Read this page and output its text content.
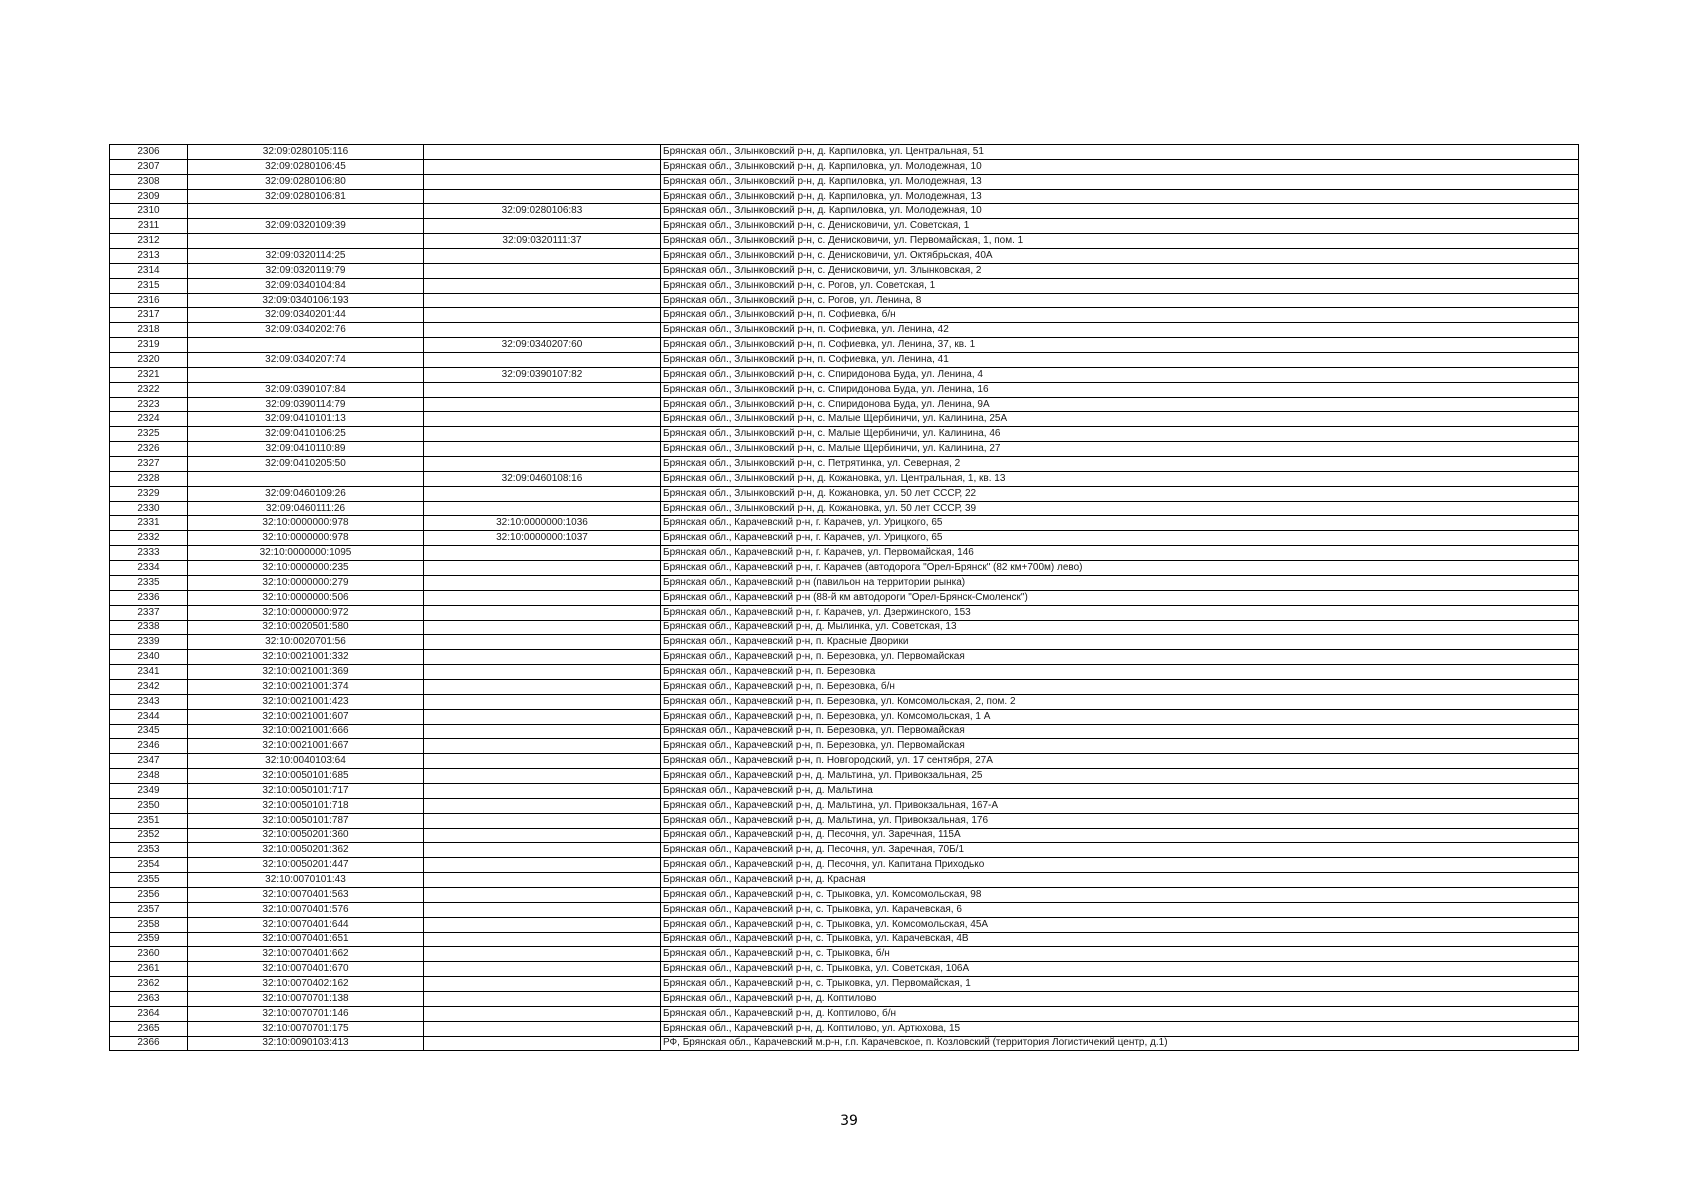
2306	32:09:0280105:116		Брянская обл., Злынковский р-н, д. Карпиловка, ул. Центральная, 51
2307	32:09:0280106:45		Брянская обл., Злынковский р-н, д. Карпиловка, ул. Молодежная, 10
2308	32:09:0280106:80		Брянская обл., Злынковский р-н, д. Карпиловка, ул. Молодежная, 13
2309	32:09:0280106:81		Брянская обл., Злынковский р-н, д. Карпиловка, ул. Молодежная, 13
2310		32:09:0280106:83	Брянская обл., Злынковский р-н, д. Карпиловка, ул. Молодежная, 10
2311	32:09:0320109:39		Брянская обл., Злынковский р-н, с. Денисковичи, ул. Советская, 1
2312		32:09:0320111:37	Брянская обл., Злынковский р-н, с. Денисковичи, ул. Первомайская, 1, пом. 1
2313	32:09:0320114:25		Брянская обл., Злынковский р-н, с. Денисковичи, ул. Октябрьская, 40А
2314	32:09:0320119:79		Брянская обл., Злынковский р-н, с. Денисковичи, ул. Злынковская, 2
2315	32:09:0340104:84		Брянская обл., Злынковский р-н, с. Рогов, ул. Советская, 1
2316	32:09:0340106:193		Брянская обл., Злынковский р-н, с. Рогов, ул. Ленина, 8
2317	32:09:0340201:44		Брянская обл., Злынковский р-н, п. Софиевка, б/н
2318	32:09:0340202:76		Брянская обл., Злынковский р-н, п. Софиевка, ул. Ленина, 42
2319		32:09:0340207:60	Брянская обл., Злынковский р-н, п. Софиевка, ул. Ленина, 37, кв. 1
2320	32:09:0340207:74		Брянская обл., Злынковский р-н, п. Софиевка, ул. Ленина, 41
2321		32:09:0390107:82	Брянская обл., Злынковский р-н, с. Спиридонова Буда, ул. Ленина, 4
2322	32:09:0390107:84		Брянская обл., Злынковский р-н, с. Спиридонова Буда, ул. Ленина, 16
2323	32:09:0390114:79		Брянская обл., Злынковский р-н, с. Спиридонова Буда, ул. Ленина, 9А
2324	32:09:0410101:13		Брянская обл., Злынковский р-н, с. Малые Щербиничи, ул. Калинина, 25А
2325	32:09:0410106:25		Брянская обл., Злынковский р-н, с. Малые Щербиничи, ул. Калинина, 46
2326	32:09:0410110:89		Брянская обл., Злынковский р-н, с. Малые Щербиничи, ул. Калинина, 27
2327	32:09:0410205:50		Брянская обл., Злынковский р-н, с. Петрятинка, ул. Северная, 2
2328		32:09:0460108:16	Брянская обл., Злынковский р-н, д. Кожановка, ул. Центральная, 1, кв. 13
2329	32:09:0460109:26		Брянская обл., Злынковский р-н, д. Кожановка, ул. 50 лет СССР, 22
2330	32:09:0460111:26		Брянская обл., Злынковский р-н, д. Кожановка, ул. 50 лет СССР, 39
2331	32:10:0000000:978	32:10:0000000:1036	Брянская обл., Карачевский р-н, г. Карачев, ул. Урицкого, 65
2332	32:10:0000000:978	32:10:0000000:1037	Брянская обл., Карачевский р-н, г. Карачев, ул. Урицкого, 65
2333	32:10:0000000:1095		Брянская обл., Карачевский р-н, г. Карачев, ул. Первомайская, 146
2334	32:10:0000000:235		Брянская обл., Карачевский р-н, г. Карачев (автодорога "Орел-Брянск" (82 км+700м) лево)
2335	32:10:0000000:279		Брянская обл., Карачевский р-н (павильон на территории рынка)
2336	32:10:0000000:506		Брянская обл., Карачевский р-н (88-й км автодороги "Орел-Брянск-Смоленск")
2337	32:10:0000000:972		Брянская обл., Карачевский р-н, г. Карачев, ул. Дзержинского, 153
2338	32:10:0020501:580		Брянская обл., Карачевский р-н, д. Мылинка, ул. Советская, 13
2339	32:10:0020701:56		Брянская обл., Карачевский р-н, п. Красные Дворики
2340	32:10:0021001:332		Брянская обл., Карачевский р-н, п. Березовка, ул. Первомайская
2341	32:10:0021001:369		Брянская обл., Карачевский р-н, п. Березовка
2342	32:10:0021001:374		Брянская обл., Карачевский р-н, п. Березовка, б/н
2343	32:10:0021001:423		Брянская обл., Карачевский р-н, п. Березовка, ул. Комсомольская, 2, пом. 2
2344	32:10:0021001:607		Брянская обл., Карачевский р-н, п. Березовка, ул. Комсомольская, 1 А
2345	32:10:0021001:666		Брянская обл., Карачевский р-н, п. Березовка, ул. Первомайская
2346	32:10:0021001:667		Брянская обл., Карачевский р-н, п. Березовка, ул. Первомайская
2347	32:10:0040103:64		Брянская обл., Карачевский р-н, п. Новгородский, ул. 17 сентября, 27А
2348	32:10:0050101:685		Брянская обл., Карачевский р-н, д. Мальтина, ул. Привокзальная, 25
2349	32:10:0050101:717		Брянская обл., Карачевский р-н, д. Мальтина
2350	32:10:0050101:718		Брянская обл., Карачевский р-н, д. Мальтина, ул. Привокзальная, 167-А
2351	32:10:0050101:787		Брянская обл., Карачевский р-н, д. Мальтина, ул. Привокзальная, 176
2352	32:10:0050201:360		Брянская обл., Карачевский р-н, д. Песочня, ул. Заречная, 115А
2353	32:10:0050201:362		Брянская обл., Карачевский р-н, д. Песочня, ул. Заречная, 70Б/1
2354	32:10:0050201:447		Брянская обл., Карачевский р-н, д. Песочня, ул. Капитана Приходько
2355	32:10:0070101:43		Брянская обл., Карачевский р-н, д. Красная
2356	32:10:0070401:563		Брянская обл., Карачевский р-н, с. Трыковка, ул. Комсомольская, 98
2357	32:10:0070401:576		Брянская обл., Карачевский р-н, с. Трыковка, ул. Карачевская, 6
2358	32:10:0070401:644		Брянская обл., Карачевский р-н, с. Трыковка, ул. Комсомольская, 45А
2359	32:10:0070401:651		Брянская обл., Карачевский р-н, с. Трыковка, ул. Карачевская, 4В
2360	32:10:0070401:662		Брянская обл., Карачевский р-н, с. Трыковка, б/н
2361	32:10:0070401:670		Брянская обл., Карачевский р-н, с. Трыковка, ул. Советская, 106А
2362	32:10:0070402:162		Брянская обл., Карачевский р-н, с. Трыковка, ул. Первомайская, 1
2363	32:10:0070701:138		Брянская обл., Карачевский р-н, д. Коптилово
2364	32:10:0070701:146		Брянская обл., Карачевский р-н, д. Коптилово, б/н
2365	32:10:0070701:175		Брянская обл., Карачевский р-н, д. Коптилово, ул. Артюхова, 15
2366	32:10:0090103:413		РФ, Брянская обл., Карачевский м.р-н, г.п. Карачевское, п. Козловский (территория Логистичекий центр, д.1)
39
